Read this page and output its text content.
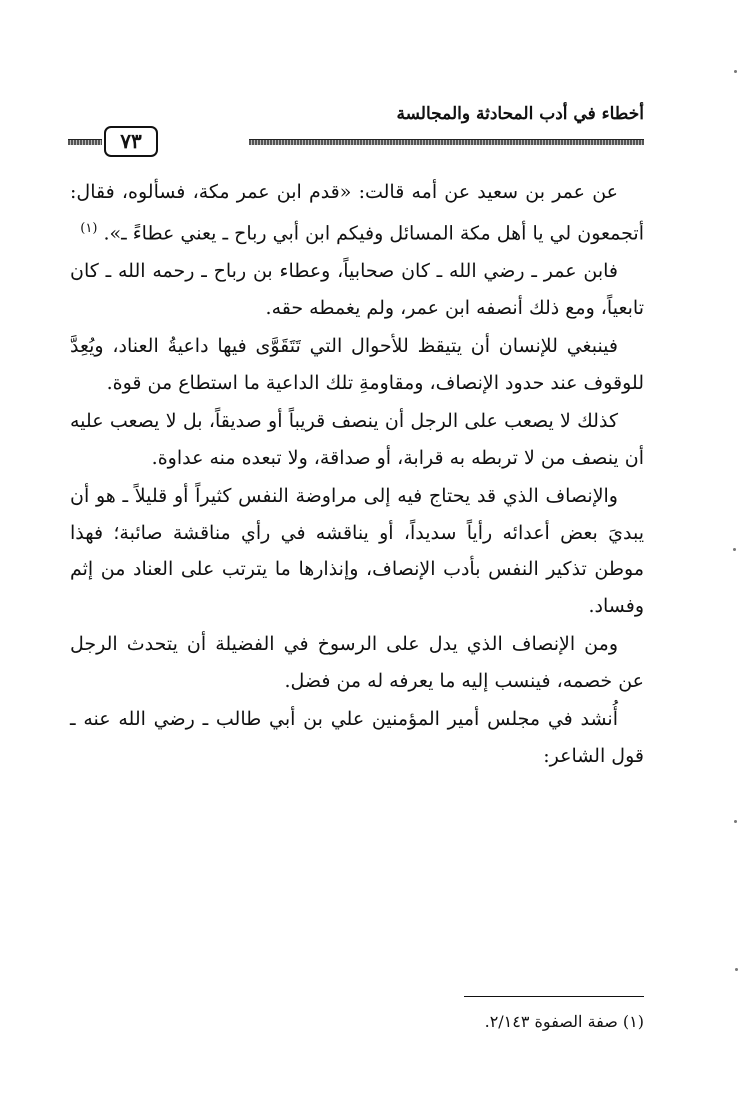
أخطاء في أدب المحادثة والمجالسة
٧٣

عن عمر بن سعيد عن أمه قالت: «قدم ابن عمر مكة، فسألوه، فقال: أتجمعون لي يا أهل مكة المسائل وفيكم ابن أبي رباح ـ يعني عطاءً ـ». $^{(١)}$

فابن عمر ـ رضي الله ـ كان صحابياً، وعطاء بن رباح ـ رحمه الله ـ كان تابعياً، ومع ذلك أنصفه ابن عمر، ولم يغمطه حقه.

فينبغي للإنسان أن يتيقظ للأحوال التي تَتَقَوَّى فيها داعيةُ العناد، ويُعِدَّ للوقوف عند حدود الإنصاف، ومقاومةِ تلك الداعية ما استطاع من قوة.

كذلك لا يصعب على الرجل أن ينصف قريباً أو صديقاً، بل لا يصعب عليه أن ينصف من لا تربطه به قرابة، أو صداقة، ولا تبعده منه عداوة.

والإنصاف الذي قد يحتاج فيه إلى مراوضة النفس كثيراً أو قليلاً ـ هو أن يبديَ بعض أعدائه رأياً سديداً، أو يناقشه في رأي مناقشة صائبة؛ فهذا موطن تذكير النفس بأدب الإنصاف، وإنذارها ما يترتب على العناد من إثم وفساد.

ومن الإنصاف الذي يدل على الرسوخ في الفضيلة أن يتحدث الرجل عن خصمه، فينسب إليه ما يعرفه له من فضل.

أُنشد في مجلس أمير المؤمنين علي بن أبي طالب ـ رضي الله عنه ـ قول الشاعر:

(١) صفة الصفوة ٢/١٤٣.
